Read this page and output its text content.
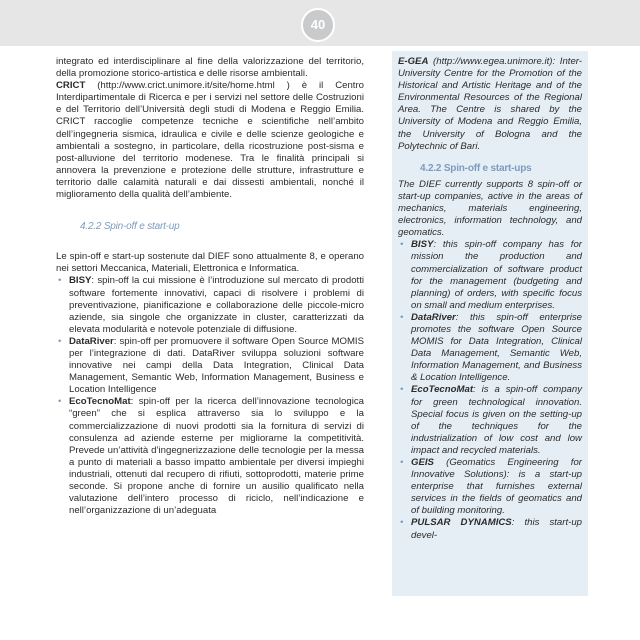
40

integrato ed interdisciplinare al fine della valorizzazione del territorio, della promozione storico-artistica e delle risorse ambientali.
CRICT (http://www.crict.unimore.it/site/home.html ) è il Centro Interdipartimentale di Ricerca e per i servizi nel settore delle Costruzioni e del Territorio dell’Università degli studi di Modena e Reggio Emilia. CRICT raccoglie competenze tecniche e scientifiche nell’ambito dell’ingegneria sismica, idraulica e civile e delle scienze geologiche e ambientali a sostegno, in particolare, della ricostruzione post-sisma e post-alluvione del territorio modenese. Tra le finalità principali si annovera la prevenzione e protezione delle strutture, infrastrutture e territorio dalle calamità naturali e dai dissesti ambientali, nonché il miglioramento della qualità dell’ambiente.

4.2.2 Spin-off e start-up

Le spin-off e start-up sostenute dal DIEF sono attualmente 8, e operano nei settori Meccanica, Materiali, Elettronica e Informatica.

• BISY: spin-off la cui missione è l’introduzione sul mercato di prodotti software fortemente innovativi, capaci di risolvere i problemi di preventivazione, pianificazione e collaborazione delle piccole-micro aziende, sia singole che organizzate in cluster, caratterizzati da elevata modularità e notevole potenziale di diffusione.
• DataRiver: spin-off per promuovere il software Open Source MOMIS per l’integrazione di dati. DataRiver sviluppa soluzioni software innovative nei campi della Data Integration, Clinical Data Management, Semantic Web, Information Management, Business e Location Intelligence
• EcoTecnoMat: spin-off per la ricerca dell’innovazione tecnologica “green” che si esplica attraverso sia lo sviluppo e la commercializzazione di nuovi prodotti sia la fornitura di servizi di consulenza ad aziende esterne per migliorarne la competitività. Prevede un’attività d’ingegnerizzazione delle tecnologie per la messa a punto di materiali a basso impatto ambientale per diversi impieghi industriali, ottenuti dal recupero di rifiuti, sottoprodotti, materie prime seconde. Si propone anche di fornire un ausilio qualificato nella valutazione dell’intero processo di riciclo, nell’indicazione e nell’organizzazione di un’adeguata

E-GEA (http://www.egea.unimore.it): Inter-University Centre for the Promotion of the Historical and Artistic Heritage and of the Environmental Resources of the Regional Area. The Centre is shared by the University of Modena and Reggio Emilia, the University of Bologna and the Polytechnic of Bari.

4.2.2 Spin-off e start-ups

The DIEF currently supports 8 spin-off or start-up companies, active in the areas of mechanics, materials engineering, electronics, information technology, and geomatics.

• BISY: this spin-off company has for mission the production and commercialization of software product for the management (budgeting and planning) of orders, with specific focus on small and medium enterprises.
• DataRiver: this spin-off enterprise promotes the software Open Source MOMIS for Data Integration, Clinical Data Management, Semantic Web, Information Management, and Business & Location Intelligence.
• EcoTecnoMat: is a spin-off company for green technological innovation. Special focus is given on the setting-up of the techniques for the industrialization of low cost and low impact and recycled materials.
• GEIS (Geomatics Engineering for Innovative Solutions): is a start-up enterprise that furnishes external services in the fields of geomatics and of building monitoring.
• PULSAR DYNAMICS: this start-up devel-
